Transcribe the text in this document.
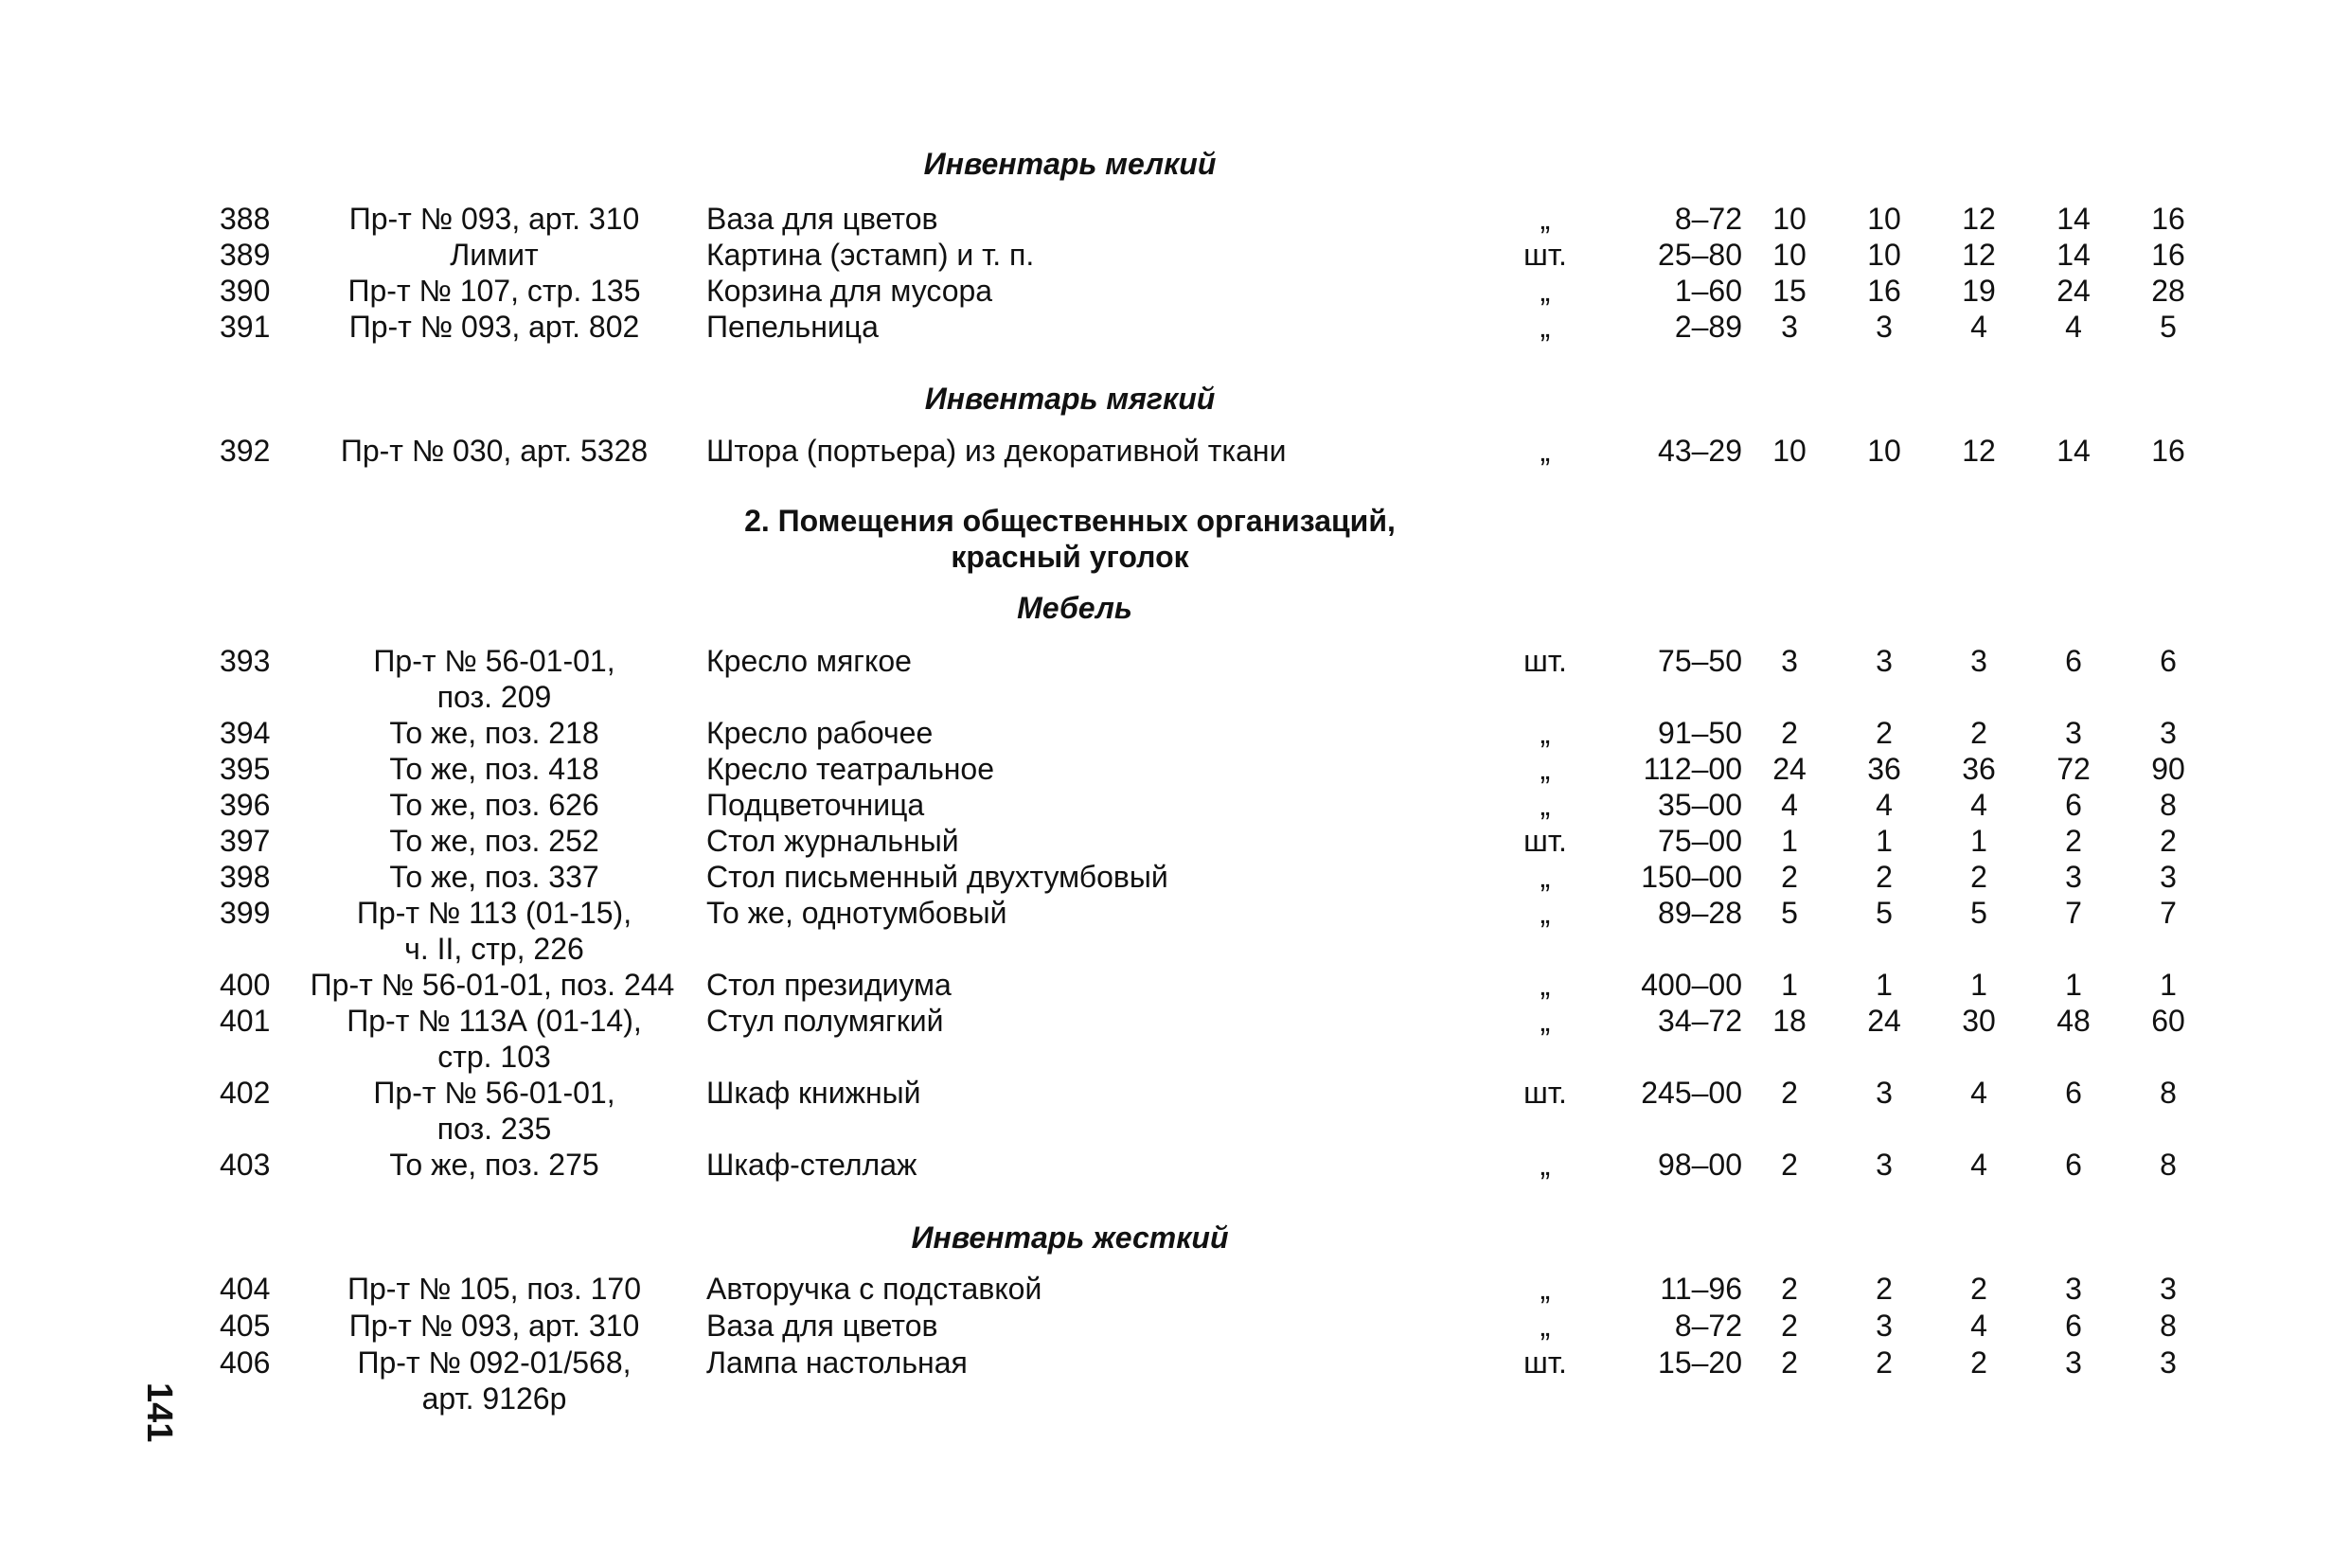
Инвентарь мелкий
388	Пр-т № 093, арт. 310	Ваза для цветов	„	8–72	10	10	12	14	16
389	Лимит	Картина (эстамп) и т. п.	шт.	25–80	10	10	12	14	16
390	Пр-т № 107, стр. 135	Корзина для мусора	„	1–60	15	16	19	24	28
391	Пр-т № 093, арт. 802	Пепельница	„	2–89	3	3	4	4	5
Инвентарь мягкий
392	Пр-т № 030, арт. 5328	Штора (портьера) из декоративной ткани	„	43–29	10	10	12	14	16
2. Помещения общественных организаций,
красный уголок
Мебель
393	Пр-т № 56-01-01,	Кресло мягкое	шт.	75–50	3	3	3	6	6
поз. 209
394	То же, поз. 218	Кресло рабочее	„	91–50	2	2	2	3	3
395	То же, поз. 418	Кресло театральное	„	112–00	24	36	36	72	90
396	То же, поз. 626	Подцветочница	„	35–00	4	4	4	6	8
397	То же, поз. 252	Стол журнальный	шт.	75–00	1	1	1	2	2
398	То же, поз. 337	Стол письменный двухтумбовый	„	150–00	2	2	2	3	3
399	Пр-т № 113 (01-15),	То же, однотумбовый	„	89–28	5	5	5	7	7
ч. II, стр, 226
400	Пр-т № 56-01-01, поз. 244	Стол президиума	„	400–00	1	1	1	1	1
401	Пр-т № 113А (01-14),	Стул полумягкий	„	34–72	18	24	30	48	60
стр. 103
402	Пр-т № 56-01-01,	Шкаф книжный	шт.	245–00	2	3	4	6	8
поз. 235
403	То же, поз. 275	Шкаф-стеллаж	„	98–00	2	3	4	6	8
Инвентарь жесткий
404	Пр-т № 105, поз. 170	Авторучка с подставкой	„	11–96	2	2	2	3	3
405	Пр-т № 093, арт. 310	Ваза для цветов	„	8–72	2	3	4	6	8
406	Пр-т № 092-01/568,	Лампа настольная	шт.	15–20	2	2	2	3	3
арт. 9126р
141
